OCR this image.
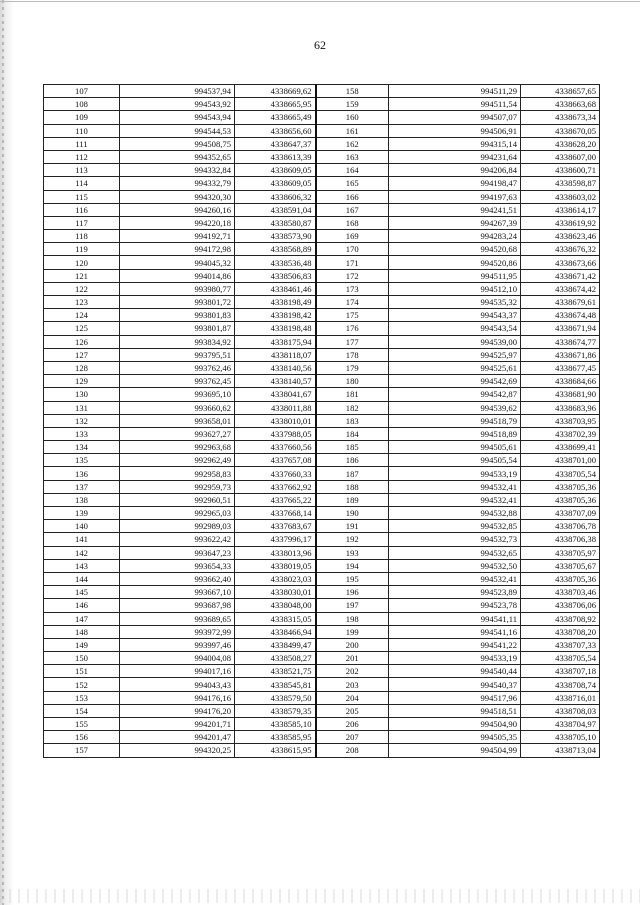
62
107	994537,94	4338669,62	158	994511,29	4338657,65
108	994543,92	4338665,95	159	994511,54	4338663,68
109	994543,94	4338665,49	160	994507,07	4338673,34
110	994544,53	4338656,60	161	994506,91	4338670,05
111	994508,75	4338647,37	162	994315,14	4338628,20
112	994352,65	4338613,39	163	994231,64	4338607,00
113	994332,84	4338609,05	164	994206,84	4338600,71
114	994332,79	4338609,05	165	994198,47	4338598,87
115	994320,30	4338606,32	166	994197,63	4338603,02
116	994260,16	4338591,04	167	994241,51	4338614,17
117	994220,18	4338580,87	168	994267,39	4338619,92
118	994192,71	4338573,90	169	994283,24	4338623,46
119	994172,98	4338568,89	170	994520,68	4338676,32
120	994045,32	4338536,48	171	994520,86	4338673,66
121	994014,86	4338506,83	172	994511,95	4338671,42
122	993980,77	4338461,46	173	994512,10	4338674,42
123	993801,72	4338198,49	174	994535,32	4338679,61
124	993801,83	4338198,42	175	994543,37	4338674,48
125	993801,87	4338198,48	176	994543,54	4338671,94
126	993834,92	4338175,94	177	994539,00	4338674,77
127	993795,51	4338118,07	178	994525,97	4338671,86
128	993762,46	4338140,56	179	994525,61	4338677,45
129	993762,45	4338140,57	180	994542,69	4338684,66
130	993695,10	4338041,67	181	994542,87	4338681,90
131	993660,62	4338011,88	182	994539,62	4338683,96
132	993658,01	4338010,01	183	994518,79	4338703,95
133	993627,27	4337988,05	184	994518,89	4338702,39
134	992963,68	4337660,56	185	994505,61	4338699,41
135	992962,49	4337657,08	186	994505,54	4338701,00
136	992958,83	4337660,33	187	994533,19	4338705,54
137	992959,73	4337662,92	188	994532,41	4338705,36
138	992960,51	4337665,22	189	994532,41	4338705,36
139	992965,03	4337668,14	190	994532,88	4338707,09
140	992989,03	4337683,67	191	994532,85	4338706,78
141	993622,42	4337996,17	192	994532,73	4338706,38
142	993647,23	4338013,96	193	994532,65	4338705,97
143	993654,33	4338019,05	194	994532,50	4338705,67
144	993662,40	4338023,03	195	994532,41	4338705,36
145	993667,10	4338030,01	196	994523,89	4338703,46
146	993687,98	4338048,00	197	994523,78	4338706,06
147	993689,65	4338315,05	198	994541,11	4338708,92
148	993972,99	4338466,94	199	994541,16	4338708,20
149	993997,46	4338499,47	200	994541,22	4338707,33
150	994004,08	4338508,27	201	994533,19	4338705,54
151	994017,16	4338521,75	202	994540,44	4338707,18
152	994043,43	4338545,81	203	994540,37	4338708,74
153	994176,16	4338579,50	204	994517,96	4338716,01
154	994176,20	4338579,35	205	994518,51	4338708,03
155	994201,71	4338585,10	206	994504,90	4338704,97
156	994201,47	4338585,95	207	994505,35	4338705,10
157	994320,25	4338615,95	208	994504,99	4338713,04
